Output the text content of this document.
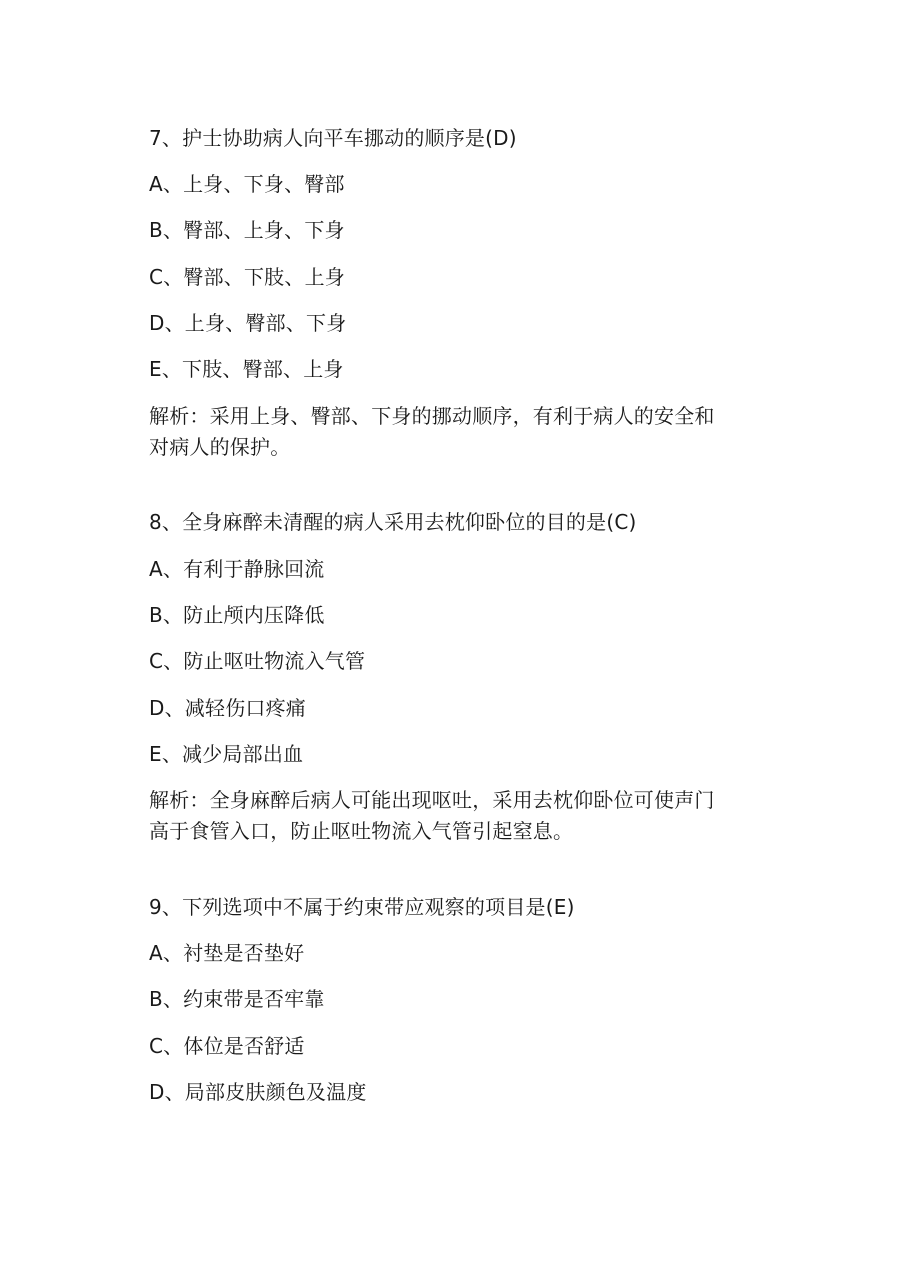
7、护士协助病人向平车挪动的顺序是(D)
A、上身、下身、臀部
B、臀部、上身、下身
C、臀部、下肢、上身
D、上身、臀部、下身
E、下肢、臀部、上身
解析：采用上身、臀部、下身的挪动顺序，有利于病人的安全和
对病人的保护。
8、全身麻醉未清醒的病人采用去枕仰卧位的目的是(C)
A、有利于静脉回流
B、防止颅内压降低
C、防止呕吐物流入气管
D、减轻伤口疼痛
E、减少局部出血
解析：全身麻醉后病人可能出现呕吐，采用去枕仰卧位可使声门
高于食管入口，防止呕吐物流入气管引起窒息。
9、下列选项中不属于约束带应观察的项目是(E)
A、衬垫是否垫好
B、约束带是否牢靠
C、体位是否舒适
D、局部皮肤颜色及温度
